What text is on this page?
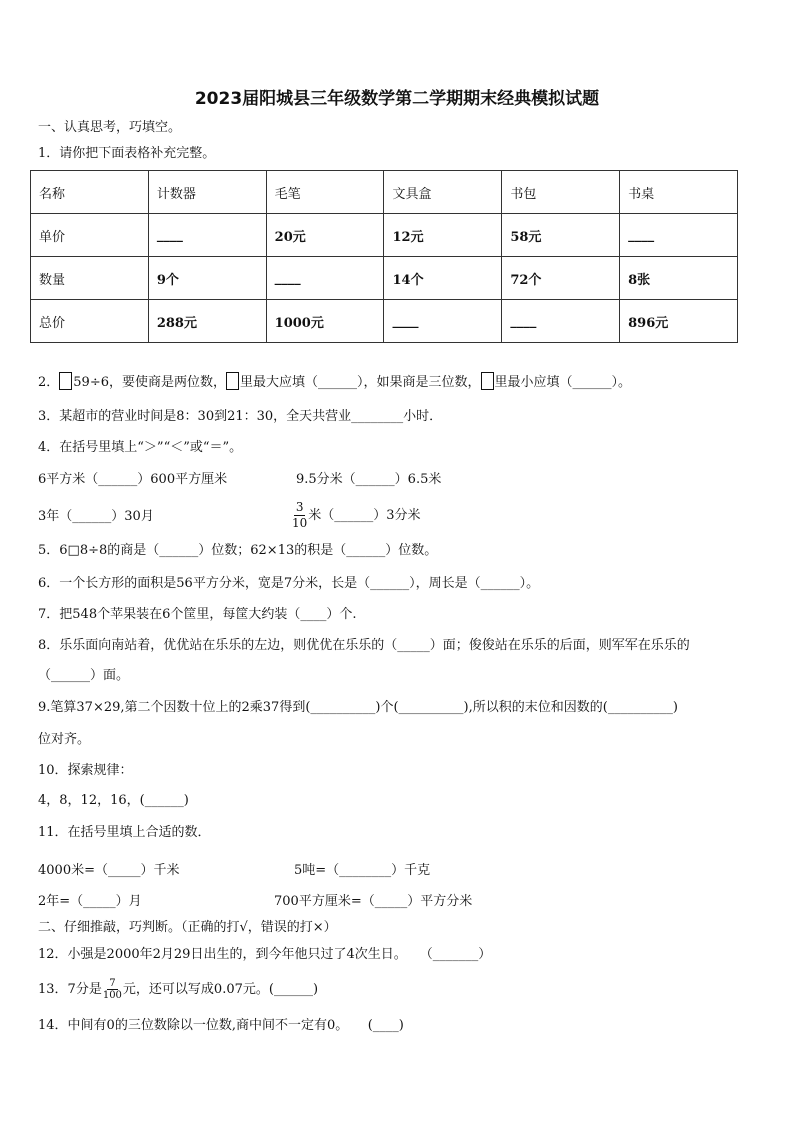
2023届阳城县三年级数学第二学期期末经典模拟试题
一、认真思考，巧填空。
1．请你把下面表格补充完整。
名称	计数器	毛笔	文具盒	书包	书桌
单价	____	20元	12元	58元	____
数量	9个	____	14个	72个	8张
总价	288元	1000元	____	____	896元
2． 59÷6，要使商是两位数， 里最大应填（______），如果商是三位数， 里最小应填（______）。
3．某超市的营业时间是8：30到21：30，全天共营业________小时．
4．在括号里填上“＞”“＜”或“＝”。
6平方米（______）600平方厘米	9.5分米（______）6.5米
3年（______）30月	$\frac{3}{10}$ 米（______）3分米
5．6□8÷8的商是（______）位数；62×13的积是（______）位数。
6．一个长方形的面积是56平方分米，宽是7分米，长是（______），周长是（______）。
7．把548个苹果装在6个筐里，每筐大约装（____）个.
8．乐乐面向南站着，优优站在乐乐的左边，则优优在乐乐的（_____）面；俊俊站在乐乐的后面，则军军在乐乐的
（______）面。
9.笔算37×29,第二个因数十位上的2乘37得到(__________)个(__________),所以积的末位和因数的(__________)
位对齐。
10．探索规律：
4，8，12，16，(______)
11．在括号里填上合适的数．
4000米=（_____）千米	5吨=（________）千克
2年=（_____）月	700平方厘米=（_____）平方分米
二、仔细推敲，巧判断。（正确的打√，错误的打×）
12．小强是2000年2月29日出生的，到今年他只过了4次生日。　　（_______）
13．7分是 $\frac{7}{100}$ 元，还可以写成0.07元。(______)
14．中间有0的三位数除以一位数,商中间不一定有0。　　(____)
